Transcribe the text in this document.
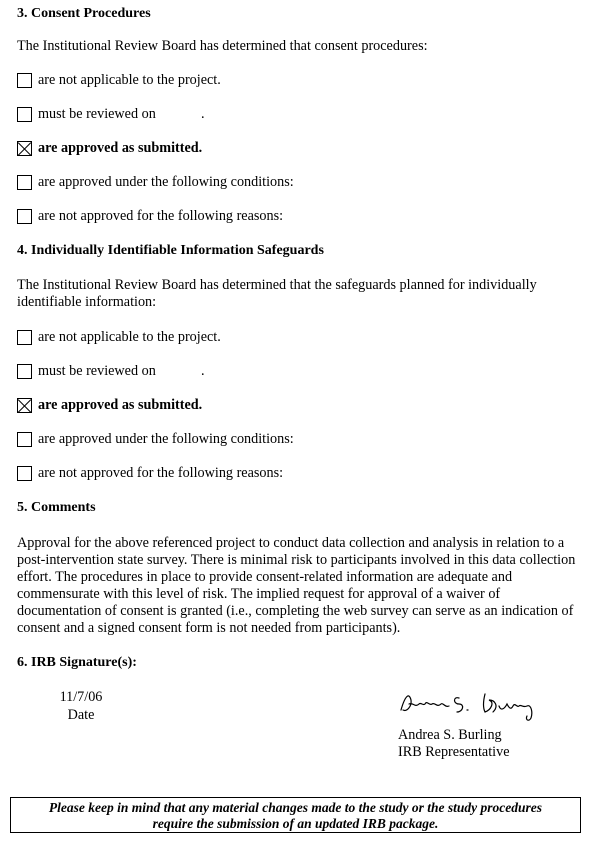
3. Consent Procedures
The Institutional Review Board has determined that consent procedures:
are not applicable to the project.
must be reviewed on	.
are approved as submitted.
are approved under the following conditions:
are not approved for the following reasons:
4. Individually Identifiable Information Safeguards
The Institutional Review Board has determined that the safeguards planned for individually identifiable information:
are not applicable to the project.
must be reviewed on	.
are approved as submitted.
are approved under the following conditions:
are not approved for the following reasons:
5. Comments
Approval for the above referenced project to conduct data collection and analysis in relation to a post-intervention state survey. There is minimal risk to participants involved in this data collection effort. The procedures in place to provide consent-related information are adequate and commensurate with this level of risk. The implied request for approval of a waiver of documentation of consent is granted (i.e., completing the web survey can serve as an indication of consent and a signed consent form is not needed from participants).
6. IRB Signature(s):
11/7/06
Date
Andrea S. Burling
IRB Representative
Please keep in mind that any material changes made to the study or the study procedures
require the submission of an updated IRB package.
